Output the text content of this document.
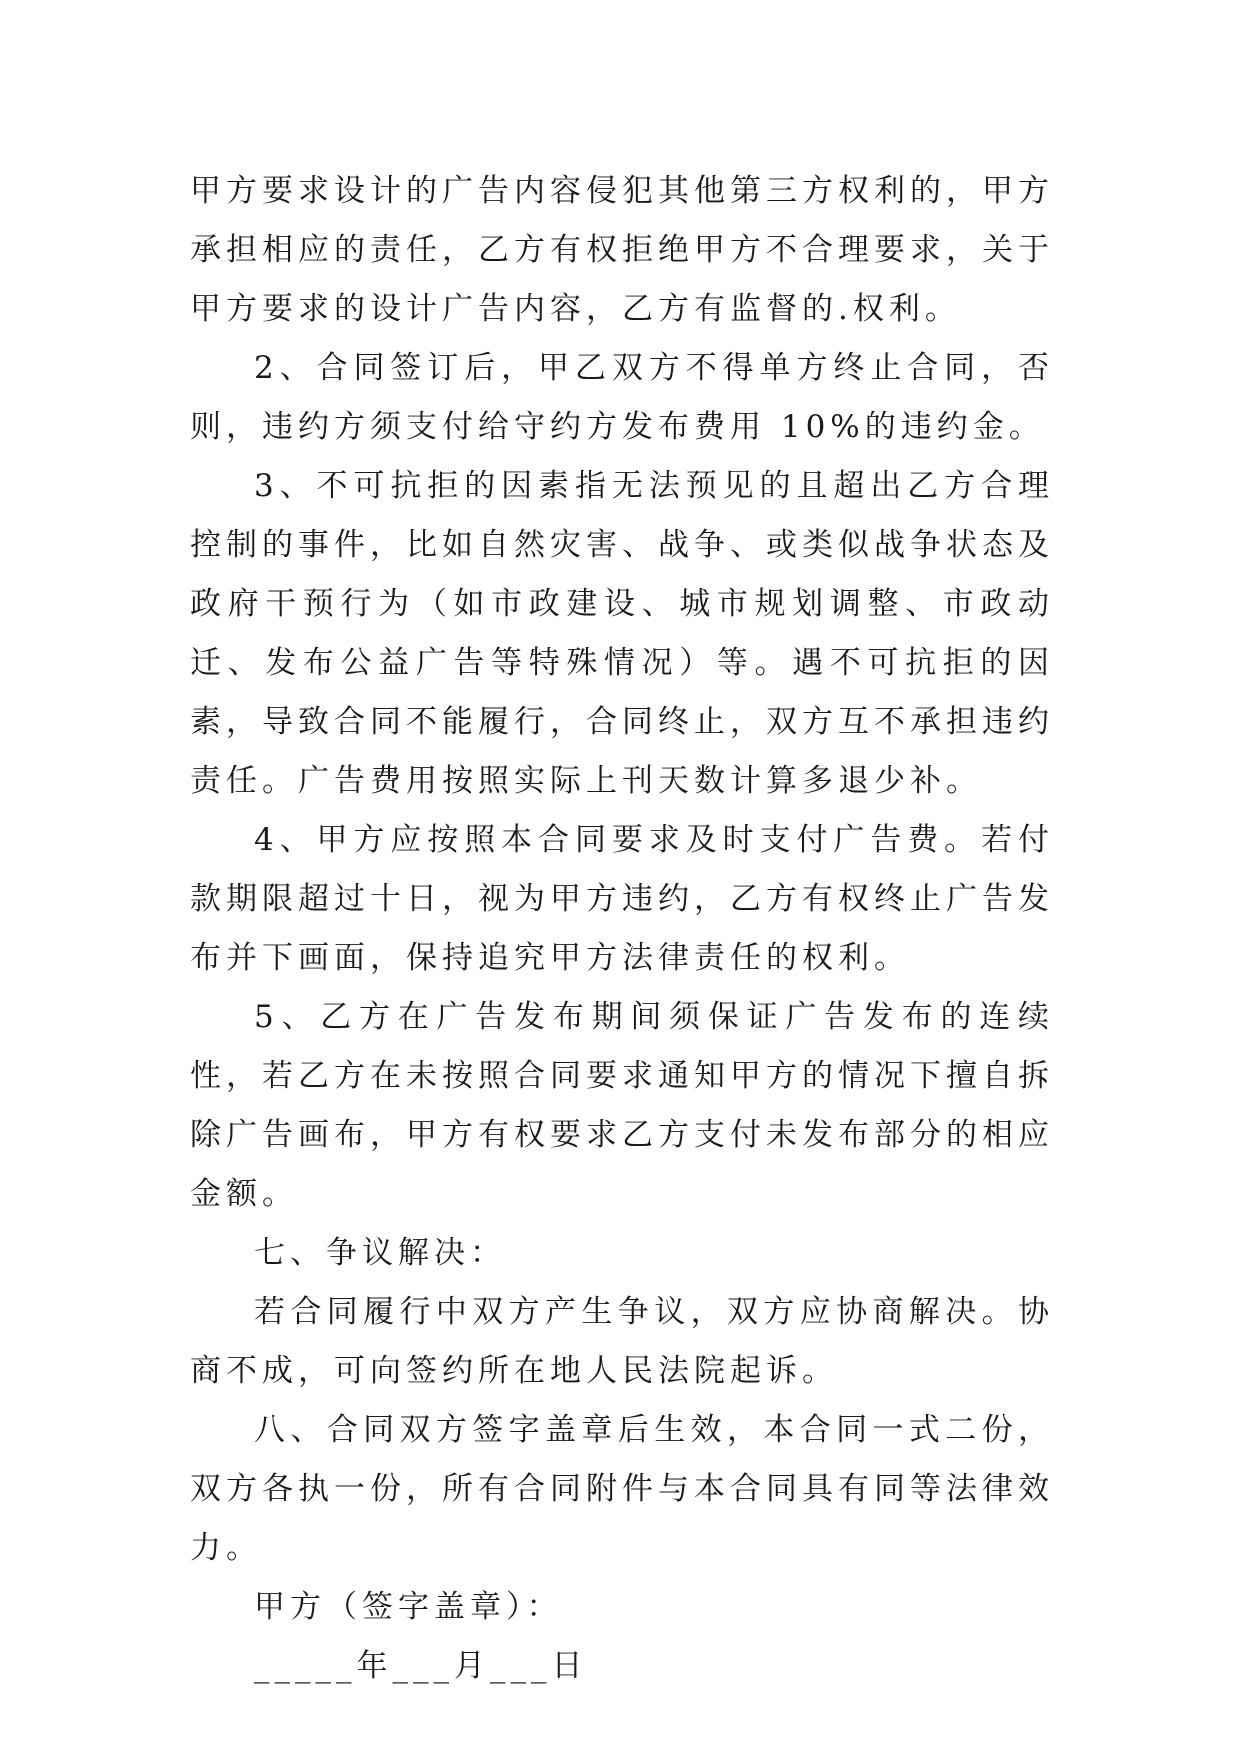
甲方要求设计的广告内容侵犯其他第三方权利的，甲方承担相应的责任，乙方有权拒绝甲方不合理要求，关于甲方要求的设计广告内容，乙方有监督的.权利。

2、合同签订后，甲乙双方不得单方终止合同，否则，违约方须支付给守约方发布费用 10%的违约金。

3、不可抗拒的因素指无法预见的且超出乙方合理控制的事件，比如自然灾害、战争、或类似战争状态及政府干预行为（如市政建设、城市规划调整、市政动迁、发布公益广告等特殊情况）等。遇不可抗拒的因素，导致合同不能履行，合同终止，双方互不承担违约责任。广告费用按照实际上刊天数计算多退少补。

4、甲方应按照本合同要求及时支付广告费。若付款期限超过十日，视为甲方违约，乙方有权终止广告发布并下画面，保持追究甲方法律责任的权利。

5、乙方在广告发布期间须保证广告发布的连续性，若乙方在未按照合同要求通知甲方的情况下擅自拆除广告画布，甲方有权要求乙方支付未发布部分的相应金额。

七、争议解决：

若合同履行中双方产生争议，双方应协商解决。协商不成，可向签约所在地人民法院起诉。

八、合同双方签字盖章后生效，本合同一式二份，双方各执一份，所有合同附件与本合同具有同等法律效力。

甲方（签字盖章）：

_____年___月___日
